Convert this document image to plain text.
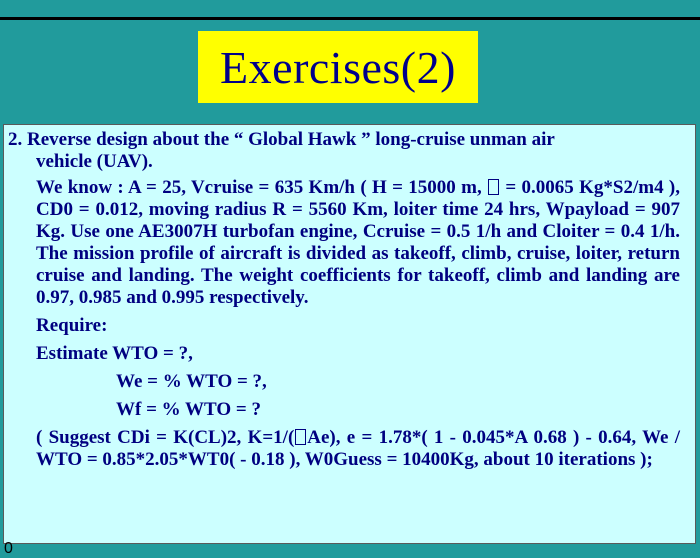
Exercises(2)
2. Reverse design about the “ Global Hawk ” long-cruise unman air
vehicle (UAV).
We know : A = 25, Vcruise = 635 Km/h ( H = 15000 m, = 0.0065 Kg*S2/m4 ), CD0 = 0.012, moving radius R = 5560 Km, loiter time 24 hrs, Wpayload = 907 Kg. Use one AE3007H turbofan engine, Ccruise = 0.5 1/h and Cloiter = 0.4 1/h. The mission profile of aircraft is divided as takeoff, climb, cruise, loiter, return cruise and landing. The weight coefficients for takeoff, climb and landing are 0.97, 0.985 and 0.995 respectively.
Require:
Estimate WTO = ?,
We = % WTO = ?,
Wf = % WTO = ?
( Suggest CDi = K(CL)2, K=1/( Ae), e = 1.78*( 1 - 0.045*A 0.68 ) - 0.64, We / WTO = 0.85*2.05*WT0( - 0.18 ), W0Guess = 10400Kg, about 10 iterations );
0
